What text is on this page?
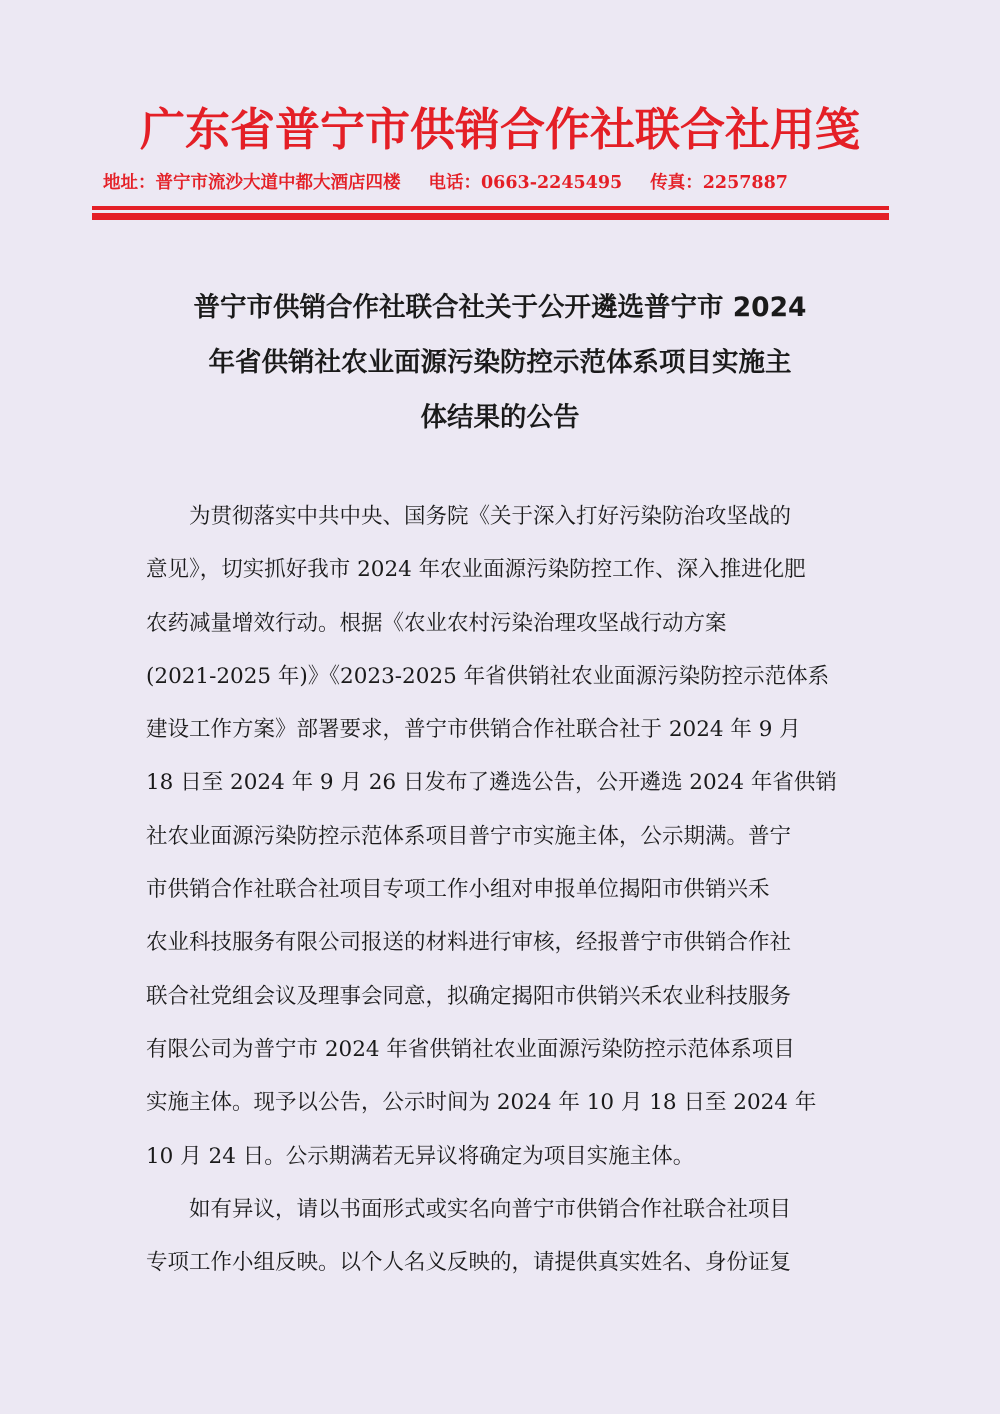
广东省普宁市供销合作社联合社用笺
地址：普宁市流沙大道中都大酒店四楼 电话：0663-2245495 传真：2257887
普宁市供销合作社联合社关于公开遴选普宁市 2024
年省供销社农业面源污染防控示范体系项目实施主
体结果的公告
为贯彻落实中共中央、国务院《关于深入打好污染防治攻坚战的
意见》，切实抓好我市 2024 年农业面源污染防控工作、深入推进化肥
农药减量增效行动。根据《农业农村污染治理攻坚战行动方案
(2021-2025 年)》《2023-2025 年省供销社农业面源污染防控示范体系
建设工作方案》部署要求，普宁市供销合作社联合社于 2024 年 9 月
18 日至 2024 年 9 月 26 日发布了遴选公告，公开遴选 2024 年省供销
社农业面源污染防控示范体系项目普宁市实施主体，公示期满。普宁
市供销合作社联合社项目专项工作小组对申报单位揭阳市供销兴禾
农业科技服务有限公司报送的材料进行审核，经报普宁市供销合作社
联合社党组会议及理事会同意，拟确定揭阳市供销兴禾农业科技服务
有限公司为普宁市 2024 年省供销社农业面源污染防控示范体系项目
实施主体。现予以公告，公示时间为 2024 年 10 月 18 日至 2024 年
10 月 24 日。公示期满若无异议将确定为项目实施主体。
如有异议，请以书面形式或实名向普宁市供销合作社联合社项目
专项工作小组反映。以个人名义反映的，请提供真实姓名、身份证复
